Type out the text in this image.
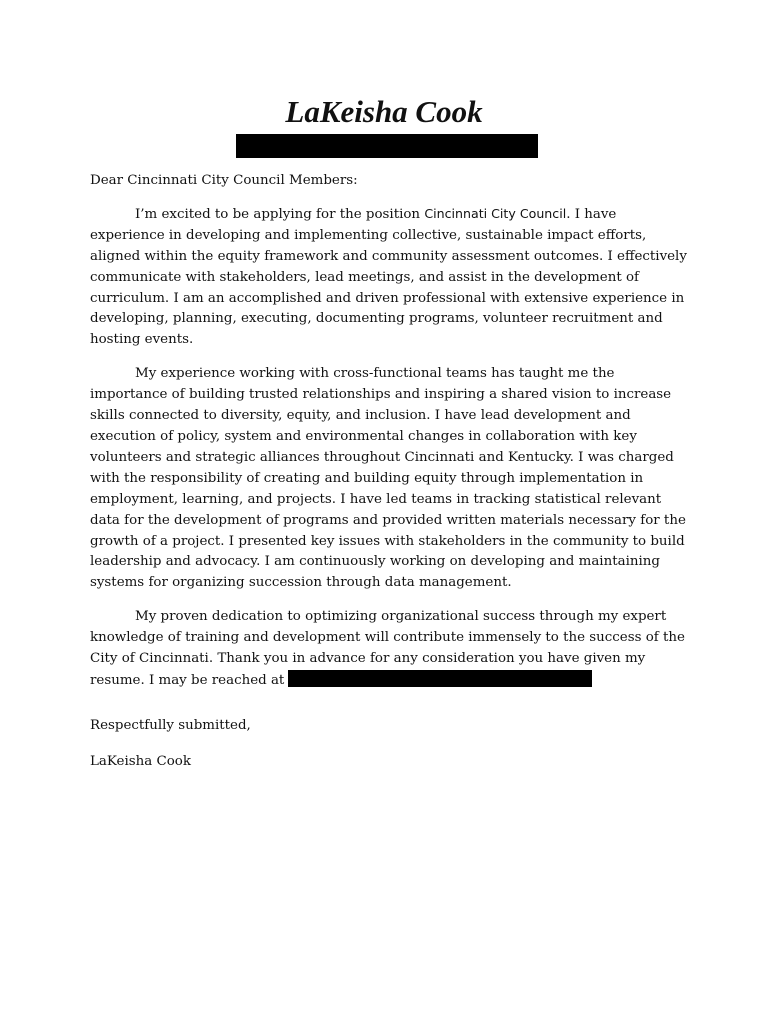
LaKeisha Cook

Dear Cincinnati City Council Members:

I’m excited to be applying for the position Cincinnati City Council. I have experience in developing and implementing collective, sustainable impact efforts, aligned within the equity framework and community assessment outcomes. I effectively communicate with stakeholders, lead meetings, and assist in the development of curriculum. I am an accomplished and driven professional with extensive experience in developing, planning, executing, documenting programs, volunteer recruitment and hosting events.

My experience working with cross-functional teams has taught me the importance of building trusted relationships and inspiring a shared vision to increase skills connected to diversity, equity, and inclusion. I have lead development and execution of policy, system and environmental changes in collaboration with key volunteers and strategic alliances throughout Cincinnati and Kentucky. I was charged with the responsibility of creating and building equity through implementation in employment, learning, and projects. I have led teams in tracking statistical relevant data for the development of programs and provided written materials necessary for the growth of a project. I presented key issues with stakeholders in the community to build leadership and advocacy. I am continuously working on developing and maintaining systems for organizing succession through data management.

My proven dedication to optimizing organizational success through my expert knowledge of training and development will contribute immensely to the success of the City of Cincinnati. Thank you in advance for any consideration you have given my resume. I may be reached at

Respectfully submitted,

LaKeisha Cook
